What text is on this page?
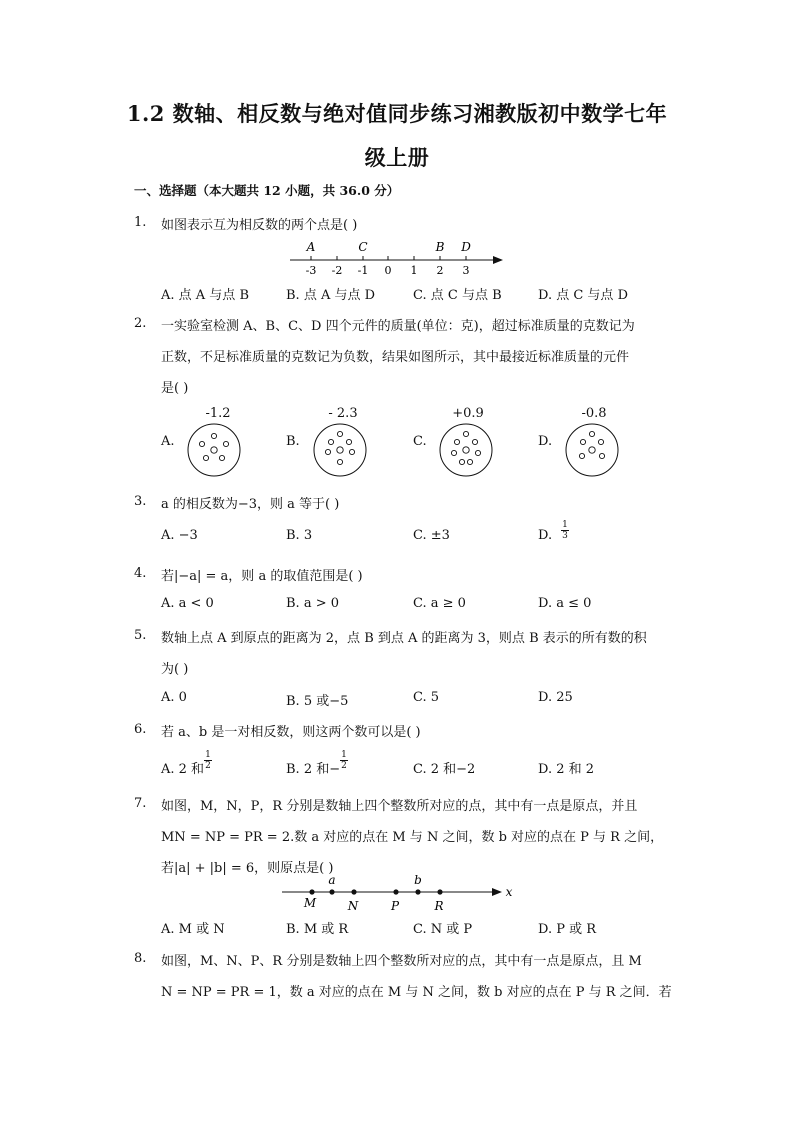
1.2 数轴、相反数与绝对值同步练习湘教版初中数学七年
级上册
一、选择题（本大题共 12 小题，共 36.0 分）
1. 如图表示互为相反数的两个点是( )
A	C	B D
-3 -2 -1 0 1 2 3
A. 点 A 与点 B	B. 点 A 与点 D	C. 点 C 与点 B	D. 点 C 与点 D
2. 一实验室检测 A、B、C、D 四个元件的质量(单位：克)，超过标准质量的克数记为
正数，不足标准质量的克数记为负数，结果如图所示，其中最接近标准质量的元件
是( )
A.	B.	C.	D.
-1.2	- 2.3	+0.9	-0.8
3. a 的相反数为−3，则 a 等于( )
A. −3	B. 3	C. ±3	D.
1
3
4. 若|−a| = a，则 a 的取值范围是( )
A. a < 0	B. a > 0	C. a ≥ 0	D. a ≤ 0
5. 数轴上点 A 到原点的距离为 2，点 B 到点 A 的距离为 3，则点 B 表示的所有数的积
为( )
A. 0	B. 5 或−5	C. 5	D. 25
6. 若 a、b 是一对相反数，则这两个数可以是( )
A. 2 和
1
2	B. 2 和−
1
2	C. 2 和−2	D. 2 和 2
7. 如图，M，N，P，R 分别是数轴上四个整数所对应的点，其中有一点是原点，并且
MN = NP = PR = 2.数 a 对应的点在 M 与 N 之间，数 b 对应的点在 P 与 R 之间，
若|a| + |b| = 6，则原点是( )
a	b
M	N	P	R
x
A. M 或 N	B. M 或 R	C. N 或 P	D. P 或 R
8. 如图，M、N、P、R 分别是数轴上四个整数所对应的点，其中有一点是原点，且 M
N = NP = PR = 1，数 a 对应的点在 M 与 N 之间，数 b 对应的点在 P 与 R 之间．若
